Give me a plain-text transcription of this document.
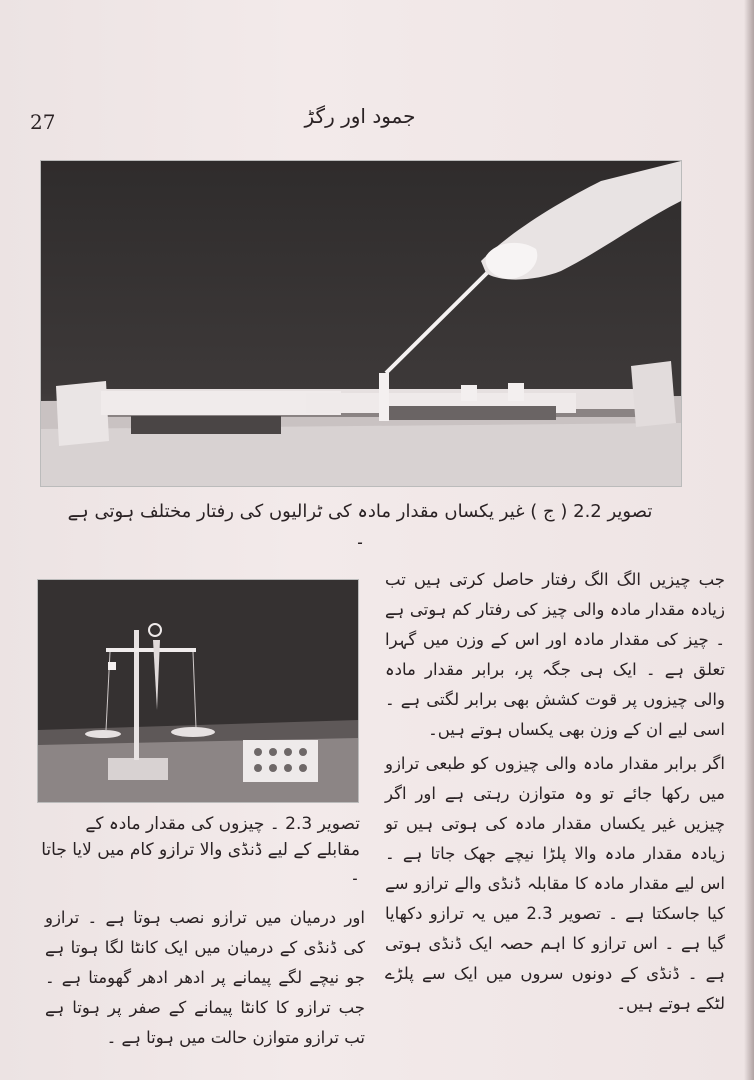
27	جمود اور رگڑ
تصویر 2.2 ( ج ) غیر یکساں مقدار مادہ کی ٹرالیوں کی رفتار مختلف ہوتی ہے ۔
تصویر 2.3 ۔ چیزوں کی مقدار مادہ کے مقابلے کے لیے ڈنڈی والا ترازو کام میں لایا جاتا ۔

جب چیزیں الگ الگ رفتار حاصل کرتی ہیں تب زیادہ مقدار مادہ والی چیز کی رفتار کم ہوتی ہے ۔ چیز کی مقدار مادہ اور اس کے وزن میں گہرا تعلق ہے ۔ ایک ہی جگہ پر، برابر مقدار مادہ والی چیزوں پر قوت کشش بھی برابر لگتی ہے ۔ اسی لیے ان کے وزن بھی یکساں ہوتے ہیں۔

اگر برابر مقدار مادہ والی چیزوں کو طبعی ترازو میں رکھا جائے تو وہ متوازن رہتی ہے اور اگر چیزیں غیر یکساں مقدار مادہ کی ہوتی ہیں تو زیادہ مقدار مادہ والا پلڑا نیچے جھک جاتا ہے ۔ اس لیے مقدار مادہ کا مقابلہ ڈنڈی والے ترازو سے کیا جاسکتا ہے ۔ تصویر 2.3 میں یہ ترازو دکھایا گیا ہے ۔ اس ترازو کا اہم حصہ ایک ڈنڈی ہوتی ہے ۔ ڈنڈی کے دونوں سروں میں ایک سے پلڑے لٹکے ہوتے ہیں۔

اور درمیان میں ترازو نصب ہوتا ہے ۔ ترازو کی ڈنڈی کے درمیان میں ایک کانٹا لگا ہوتا ہے جو نیچے لگے پیمانے پر ادھر ادھر گھومتا ہے ۔ جب ترازو کا کانٹا پیمانے کے صفر پر ہوتا ہے تب ترازو متوازن حالت میں ہوتا ہے ۔
